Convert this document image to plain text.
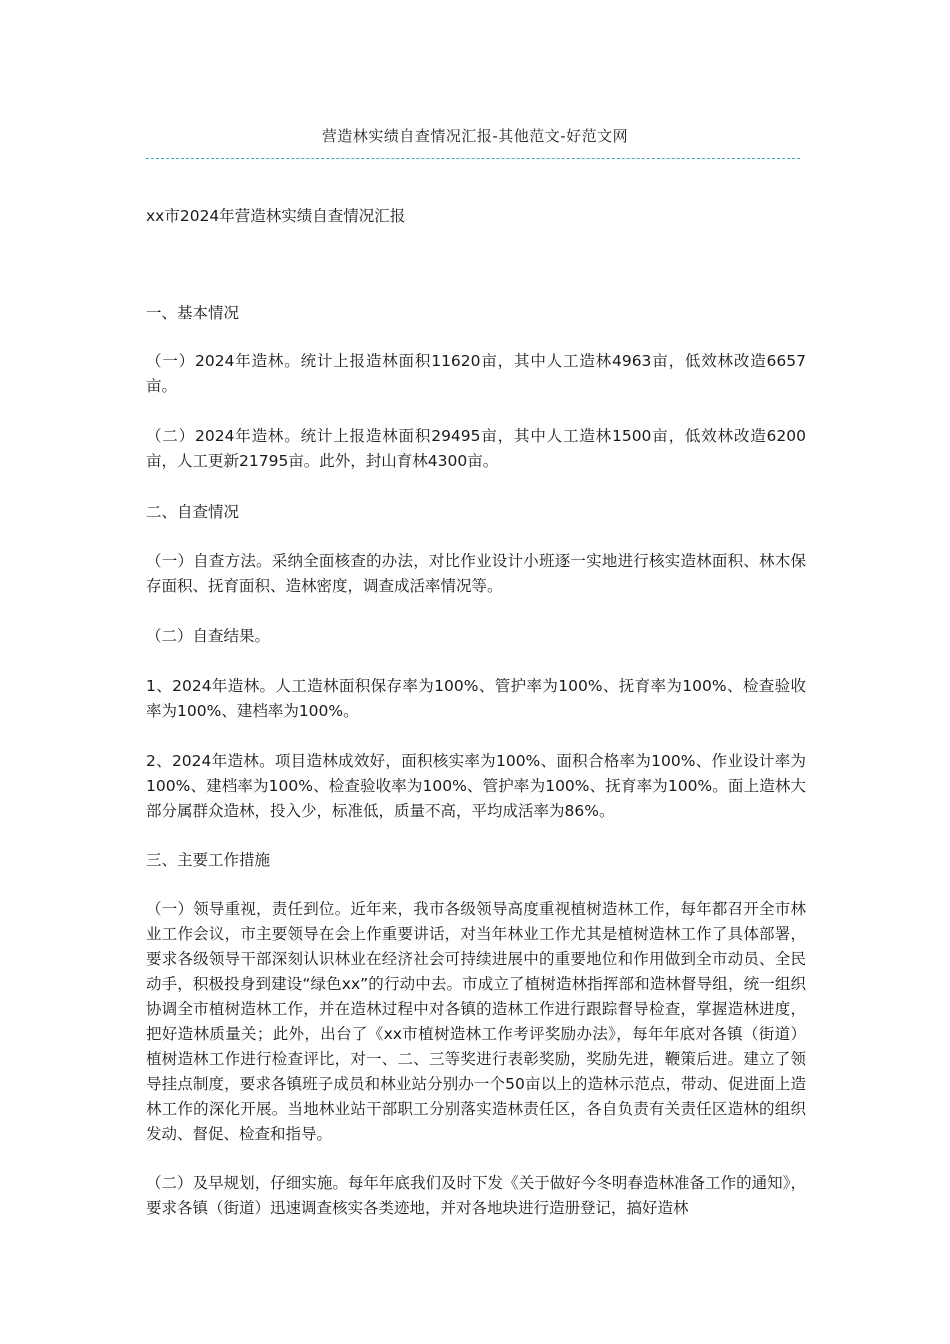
营造林实绩自查情况汇报-其他范文-好范文网
xx市2024年营造林实绩自查情况汇报

一、基本情况

（一）2024年造林。统计上报造林面积11620亩，其中人工造林4963亩，低效林改造6657亩。

（二）2024年造林。统计上报造林面积29495亩，其中人工造林1500亩，低效林改造6200亩，人工更新21795亩。此外，封山育林4300亩。

二、自查情况

（一）自查方法。采纳全面核查的办法，对比作业设计小班逐一实地进行核实造林面积、林木保存面积、抚育面积、造林密度，调查成活率情况等。

（二）自查结果。

1、2024年造林。人工造林面积保存率为100%、管护率为100%、抚育率为100%、检查验收率为100%、建档率为100%。

2、2024年造林。项目造林成效好，面积核实率为100%、面积合格率为100%、作业设计率为100%、建档率为100%、检查验收率为100%、管护率为100%、抚育率为100%。面上造林大部分属群众造林，投入少，标准低，质量不高，平均成活率为86%。

三、主要工作措施

（一）领导重视，责任到位。近年来，我市各级领导高度重视植树造林工作，每年都召开全市林业工作会议，市主要领导在会上作重要讲话，对当年林业工作尤其是植树造林工作了具体部署，要求各级领导干部深刻认识林业在经济社会可持续进展中的重要地位和作用做到全市动员、全民动手，积极投身到建设“绿色xx”的行动中去。市成立了植树造林指挥部和造林督导组，统一组织协调全市植树造林工作，并在造林过程中对各镇的造林工作进行跟踪督导检查，掌握造林进度，把好造林质量关；此外，出台了《xx市植树造林工作考评奖励办法》，每年年底对各镇（街道）植树造林工作进行检查评比，对一、二、三等奖进行表彰奖励，奖励先进，鞭策后进。建立了领导挂点制度，要求各镇班子成员和林业站分别办一个50亩以上的造林示范点，带动、促进面上造林工作的深化开展。当地林业站干部职工分别落实造林责任区，各自负责有关责任区造林的组织发动、督促、检查和指导。

（二）及早规划，仔细实施。每年年底我们及时下发《关于做好今冬明春造林准备工作的通知》，要求各镇（街道）迅速调查核实各类迹地，并对各地块进行造册登记，搞好造林
